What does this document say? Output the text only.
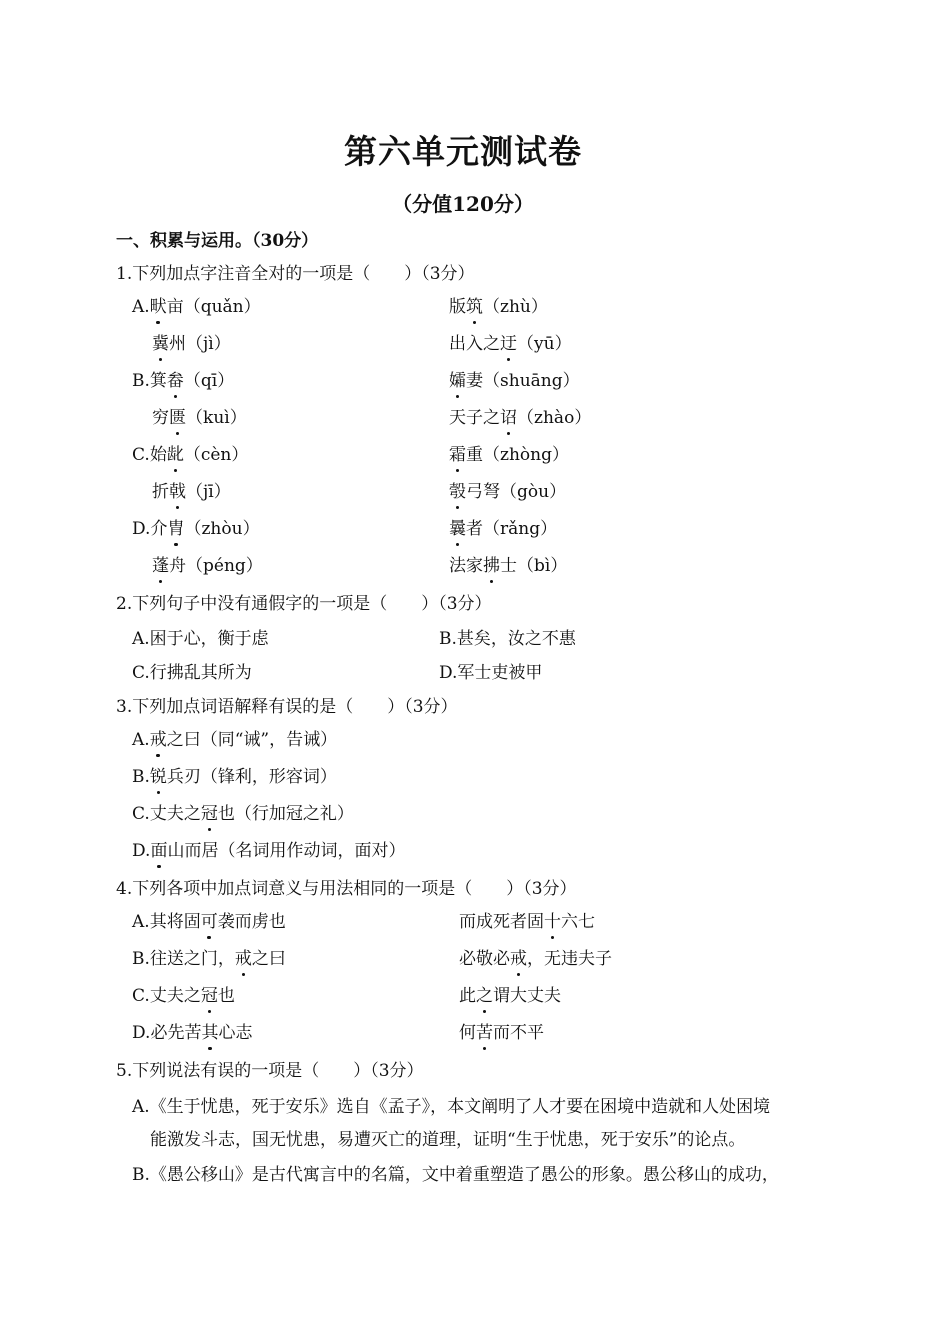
第六单元测试卷
（分值120分）
一、积累与运用。（30分）
1.下列加点字注音全对的一项是（　　）（3分）
A.畎亩（quǎn）	版筑（zhù）
冀州（jì）	出入之迂（yū）
B.箕畚（qī）	孀妻（shuāng）
穷匮（kuì）	天子之诏（zhào）
C.始龀（cèn）	霜重（zhòng）
折戟（jī）	彀弓弩（gòu）
D.介胄（zhòu）	曩者（rǎng）
蓬舟（péng）	法家拂士（bì）
2.下列句子中没有通假字的一项是（　　）（3分）
A.困于心，衡于虑	B.甚矣，汝之不惠
C.行拂乱其所为	D.军士吏被甲
3.下列加点词语解释有误的是（　　）（3分）
A.戒之曰（同“诫”，告诫）
B.锐兵刃（锋利，形容词）
C.丈夫之冠也（行加冠之礼）
D.面山而居（名词用作动词，面对）
4.下列各项中加点词意义与用法相同的一项是（　　）（3分）
A.其将固可袭而虏也	而成死者固十六七
B.往送之门，戒之曰	必敬必戒，无违夫子
C.丈夫之冠也	此之谓大丈夫
D.必先苦其心志	何苦而不平
5.下列说法有误的一项是（　　）（3分）
A.《生于忧患，死于安乐》选自《孟子》，本文阐明了人才要在困境中造就和人处困境
能激发斗志，国无忧患，易遭灭亡的道理，证明“生于忧患，死于安乐”的论点。
B.《愚公移山》是古代寓言中的名篇，文中着重塑造了愚公的形象。愚公移山的成功，
